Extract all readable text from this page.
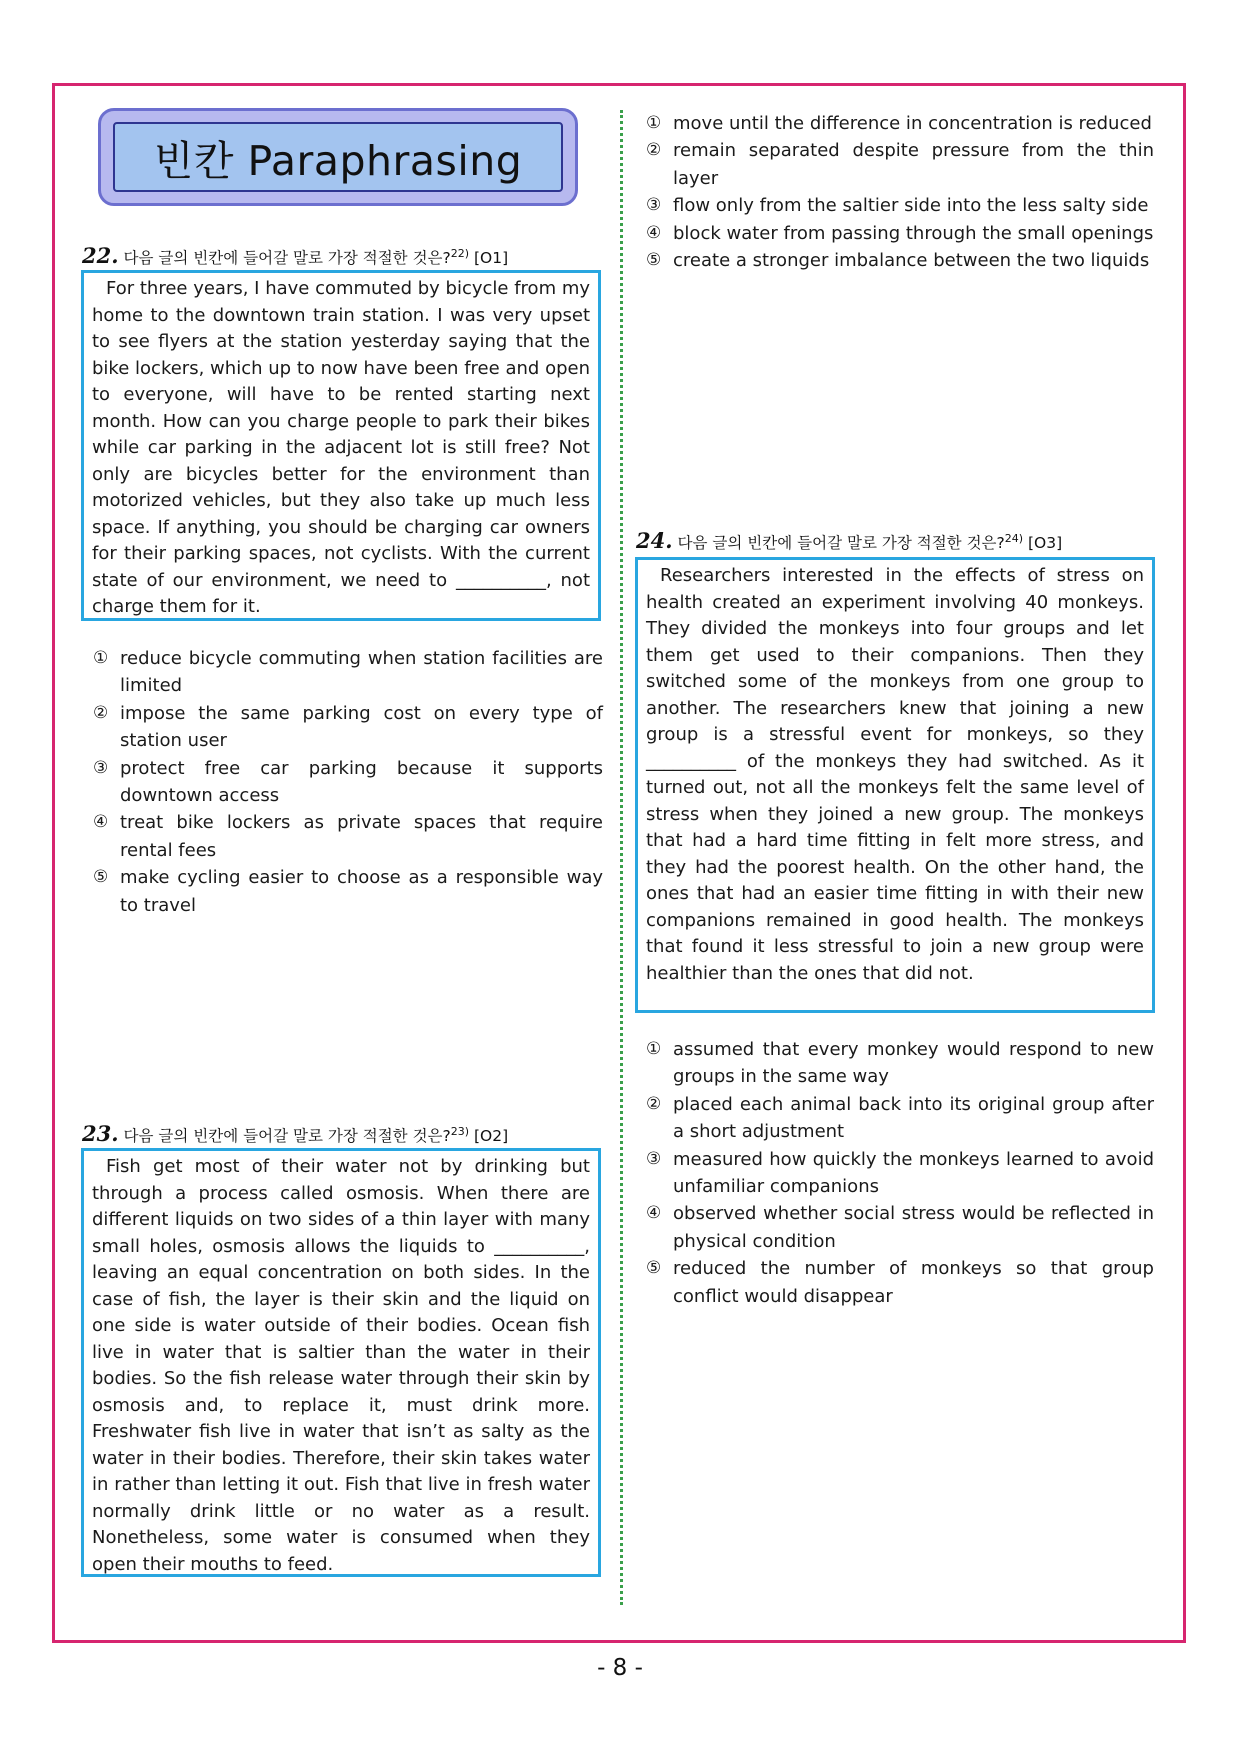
빈칸 Paraphrasing
22. 다음 글의 빈칸에 들어갈 말로 가장 적절한 것은?$^{22)}$ [O1]
For three years, I have commuted by bicycle from my home to the downtown train station. I was very upset to see flyers at the station yesterday saying that the bike lockers, which up to now have been free and open to everyone, will have to be rented starting next month. How can you charge people to park their bikes while car parking in the adjacent lot is still free? Not only are bicycles better for the environment than motorized vehicles, but they also take up much less space. If anything, you should be charging car owners for their parking spaces, not cyclists. With the current state of our environment, we need to __________, not charge them for it.
① reduce bicycle commuting when station facilities are limited
② impose the same parking cost on every type of station user
③ protect free car parking because it supports downtown access
④ treat bike lockers as private spaces that require rental fees
⑤ make cycling easier to choose as a responsible way to travel
23. 다음 글의 빈칸에 들어갈 말로 가장 적절한 것은?$^{23)}$ [O2]
Fish get most of their water not by drinking but through a process called osmosis. When there are different liquids on two sides of a thin layer with many small holes, osmosis allows the liquids to __________, leaving an equal concentration on both sides. In the case of fish, the layer is their skin and the liquid on one side is water outside of their bodies. Ocean fish live in water that is saltier than the water in their bodies. So the fish release water through their skin by osmosis and, to replace it, must drink more. Freshwater fish live in water that isn’t as salty as the water in their bodies. Therefore, their skin takes water in rather than letting it out. Fish that live in fresh water normally drink little or no water as a result. Nonetheless, some water is consumed when they open their mouths to feed.
① move until the difference in concentration is reduced
② remain separated despite pressure from the thin layer
③ flow only from the saltier side into the less salty side
④ block water from passing through the small openings
⑤ create a stronger imbalance between the two liquids
24. 다음 글의 빈칸에 들어갈 말로 가장 적절한 것은?$^{24)}$ [O3]
Researchers interested in the effects of stress on health created an experiment involving 40 monkeys. They divided the monkeys into four groups and let them get used to their companions. Then they switched some of the monkeys from one group to another. The researchers knew that joining a new group is a stressful event for monkeys, so they __________ of the monkeys they had switched. As it turned out, not all the monkeys felt the same level of stress when they joined a new group. The monkeys that had a hard time fitting in felt more stress, and they had the poorest health. On the other hand, the ones that had an easier time fitting in with their new companions remained in good health. The monkeys that found it less stressful to join a new group were healthier than the ones that did not.
① assumed that every monkey would respond to new groups in the same way
② placed each animal back into its original group after a short adjustment
③ measured how quickly the monkeys learned to avoid unfamiliar companions
④ observed whether social stress would be reflected in physical condition
⑤ reduced the number of monkeys so that group conflict would disappear
- 8 -
